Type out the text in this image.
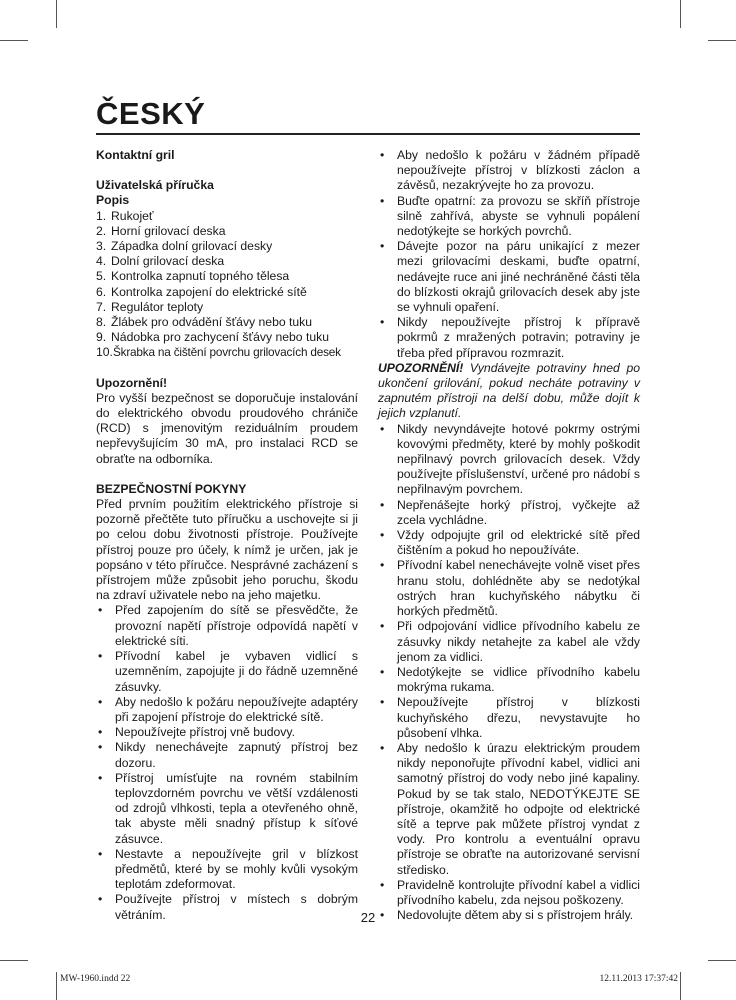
ČESKÝ

Kontaktní gril

Uživatelská příručka

Popis

1. Rukojeť
2. Horní grilovací deska
3. Západka dolní grilovací desky
4. Dolní grilovací deska
5. Kontrolka zapnutí topného tělesa
6. Kontrolka zapojení do elektrické sítě
7. Regulátor teploty
8. Žlábek pro odvádění šťávy nebo tuku
9. Nádobka pro zachycení šťávy nebo tuku
10. Škrabka na čištění povrchu grilovacích desek

Upozornění!

Pro vyšší bezpečnost se doporučuje instalování do elektrického obvodu proudového chrániče (RCD) s jmenovitým reziduálním proudem nepřevyšujícím 30 mA, pro instalaci RCD se obraťte na odborníka.

BEZPEČNOSTNÍ POKYNY

Před prvním použitím elektrického přístroje si pozorně přečtěte tuto příručku a uschovejte si ji po celou dobu životnosti přístroje. Používejte přístroj pouze pro účely, k nímž je určen, jak je popsáno v této příručce. Nesprávné zacházení s přístrojem může způsobit jeho poruchu, škodu na zdraví uživatele nebo na jeho majetku.

• Před zapojením do sítě se přesvědčte, že provozní napětí přístroje odpovídá napětí v elektrické síti.
• Přívodní kabel je vybaven vidlicí s uzemněním, zapojujte ji do řádně uzemněné zásuvky.
• Aby nedošlo k požáru nepoužívejte adaptéry při zapojení přístroje do elektrické sítě.
• Nepoužívejte přístroj vně budovy.
• Nikdy nenechávejte zapnutý přístroj bez dozoru.
• Přístroj umísťujte na rovném stabilním teplovzdorném povrchu ve větší vzdálenosti od zdrojů vlhkosti, tepla a otevřeného ohně, tak abyste měli snadný přístup k síťové zásuvce.
• Nestavte a nepoužívejte gril v blízkost předmětů, které by se mohly kvůli vysokým teplotám zdeformovat.
• Používejte přístroj v místech s dobrým větráním.
• Aby nedošlo k požáru v žádném případě nepoužívejte přístroj v blízkosti záclon a závěsů, nezakrývejte ho za provozu.
• Buďte opatrní: za provozu se skříň přístroje silně zahřívá, abyste se vyhnuli popálení nedotýkejte se horkých povrchů.
• Dávejte pozor na páru unikající z mezer mezi grilovacími deskami, buďte opatrní, nedávejte ruce ani jiné nechráněné části těla do blízkosti okrajů grilovacích desek aby jste se vyhnuli opaření.
• Nikdy nepoužívejte přístroj k přípravě pokrmů z mražených potravin; potraviny je třeba před přípravou rozmrazit.

UPOZORNĚNÍ! Vyndávejte potraviny hned po ukončení grilování, pokud necháte potraviny v zapnutém přístroji na delší dobu, může dojít k jejich vzplanutí.

• Nikdy nevyndávejte hotové pokrmy ostrými kovovými předměty, které by mohly poškodit nepřilnavý povrch grilovacích desek. Vždy používejte příslušenství, určené pro nádobí s nepřilnavým povrchem.
• Nepřenášejte horký přístroj, vyčkejte až zcela vychládne.
• Vždy odpojujte gril od elektrické sítě před čištěním a pokud ho nepoužíváte.
• Přívodní kabel nenechávejte volně viset přes hranu stolu, dohlédněte aby se nedotýkal ostrých hran kuchyňského nábytku či horkých předmětů.
• Při odpojování vidlice přívodního kabelu ze zásuvky nikdy netahejte za kabel ale vždy jenom za vidlici.
• Nedotýkejte se vidlice přívodního kabelu mokrýma rukama.
• Nepoužívejte přístroj v blízkosti kuchyňského dřezu, nevystavujte ho působení vlhka.
• Aby nedošlo k úrazu elektrickým proudem nikdy neponořujte přívodní kabel, vidlici ani samotný přístroj do vody nebo jiné kapaliny. Pokud by se tak stalo, NEDOTÝKEJTE SE přístroje, okamžitě ho odpojte od elektrické sítě a teprve pak můžete přístroj vyndat z vody. Pro kontrolu a eventuální opravu přístroje se obraťte na autorizované servisní středisko.
• Pravidelně kontrolujte přívodní kabel a vidlici přívodního kabelu, zda nejsou poškozeny.
• Nedovolujte dětem aby si s přístrojem hrály.
22
MW-1960.indd 22	12.11.2013 17:37:42
